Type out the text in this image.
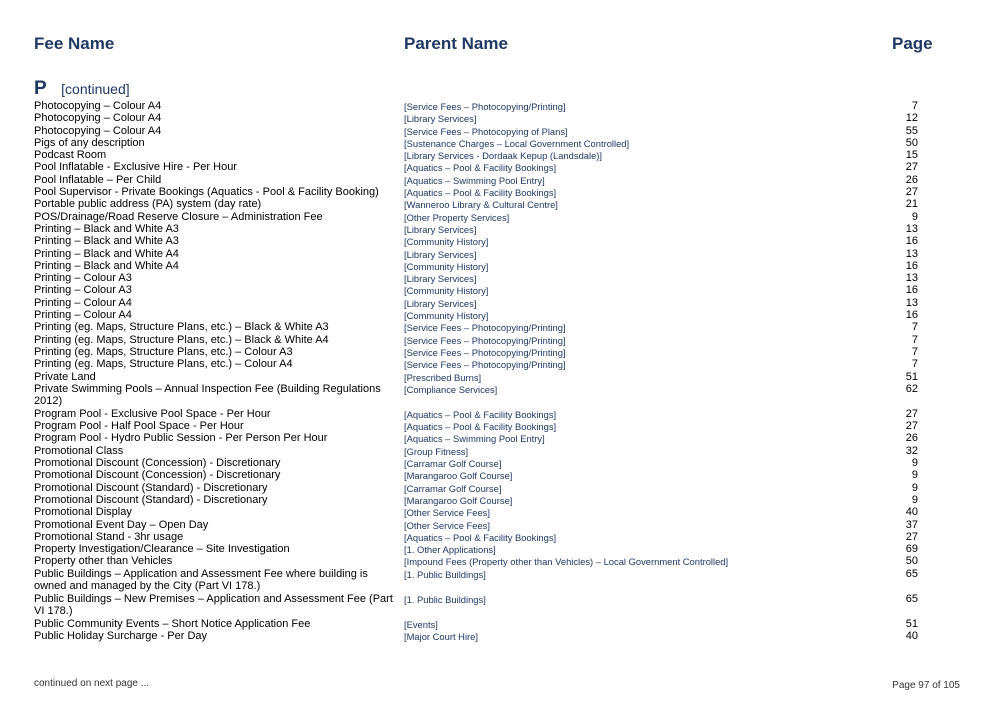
Fee Name	Parent Name	Page
P [continued]
Photocopying – Colour A4	[Service Fees – Photocopying/Printing]	7
Photocopying – Colour A4	[Library Services]	12
Photocopying – Colour A4	[Service Fees – Photocopying of Plans]	55
Pigs of any description	[Sustenance Charges – Local Government Controlled]	50
Podcast Room	[Library Services - Dordaak Kepup (Landsdale)]	15
Pool Inflatable - Exclusive Hire - Per Hour	[Aquatics – Pool & Facility Bookings]	27
Pool Inflatable – Per Child	[Aquatics – Swimming Pool Entry]	26
Pool Supervisor - Private Bookings (Aquatics - Pool & Facility Booking)	[Aquatics – Pool & Facility Bookings]	27
Portable public address (PA) system (day rate)	[Wanneroo Library & Cultural Centre]	21
POS/Drainage/Road Reserve Closure – Administration Fee	[Other Property Services]	9
Printing – Black and White A3	[Library Services]	13
Printing – Black and White A3	[Community History]	16
Printing – Black and White A4	[Library Services]	13
Printing – Black and White A4	[Community History]	16
Printing – Colour A3	[Library Services]	13
Printing – Colour A3	[Community History]	16
Printing – Colour A4	[Library Services]	13
Printing – Colour A4	[Community History]	16
Printing (eg. Maps, Structure Plans, etc.) – Black & White A3	[Service Fees – Photocopying/Printing]	7
Printing (eg. Maps, Structure Plans, etc.) – Black & White A4	[Service Fees – Photocopying/Printing]	7
Printing (eg. Maps, Structure Plans, etc.) – Colour A3	[Service Fees – Photocopying/Printing]	7
Printing (eg. Maps, Structure Plans, etc.) – Colour A4	[Service Fees – Photocopying/Printing]	7
Private Land	[Prescribed Burns]	51
Private Swimming Pools – Annual Inspection Fee (Building Regulations 2012)
[Compliance Services]	62
Program Pool - Exclusive Pool Space - Per Hour	[Aquatics – Pool & Facility Bookings]	27
Program Pool - Half Pool Space - Per Hour	[Aquatics – Pool & Facility Bookings]	27
Program Pool - Hydro Public Session - Per Person Per Hour	[Aquatics – Swimming Pool Entry]	26
Promotional Class	[Group Fitness]	32
Promotional Discount (Concession) - Discretionary	[Carramar Golf Course]	9
Promotional Discount (Concession) - Discretionary	[Marangaroo Golf Course]	9
Promotional Discount (Standard) - Discretionary	[Carramar Golf Course]	9
Promotional Discount (Standard) - Discretionary	[Marangaroo Golf Course]	9
Promotional Display	[Other Service Fees]	40
Promotional Event Day – Open Day	[Other Service Fees]	37
Promotional Stand - 3hr usage	[Aquatics – Pool & Facility Bookings]	27
Property Investigation/Clearance – Site Investigation	[1. Other Applications]	69
Property other than Vehicles	[Impound Fees (Property other than Vehicles) – Local Government Controlled]	50
Public Buildings – Application and Assessment Fee where building is owned and managed by the City (Part VI 178.)
[1. Public Buildings]	65
Public Buildings – New Premises – Application and Assessment Fee (Part VI 178.)
[1. Public Buildings]	65
Public Community Events – Short Notice Application Fee	[Events]	51
Public Holiday Surcharge - Per Day	[Major Court Hire]	40
continued on next page ...	Page 97 of 105
